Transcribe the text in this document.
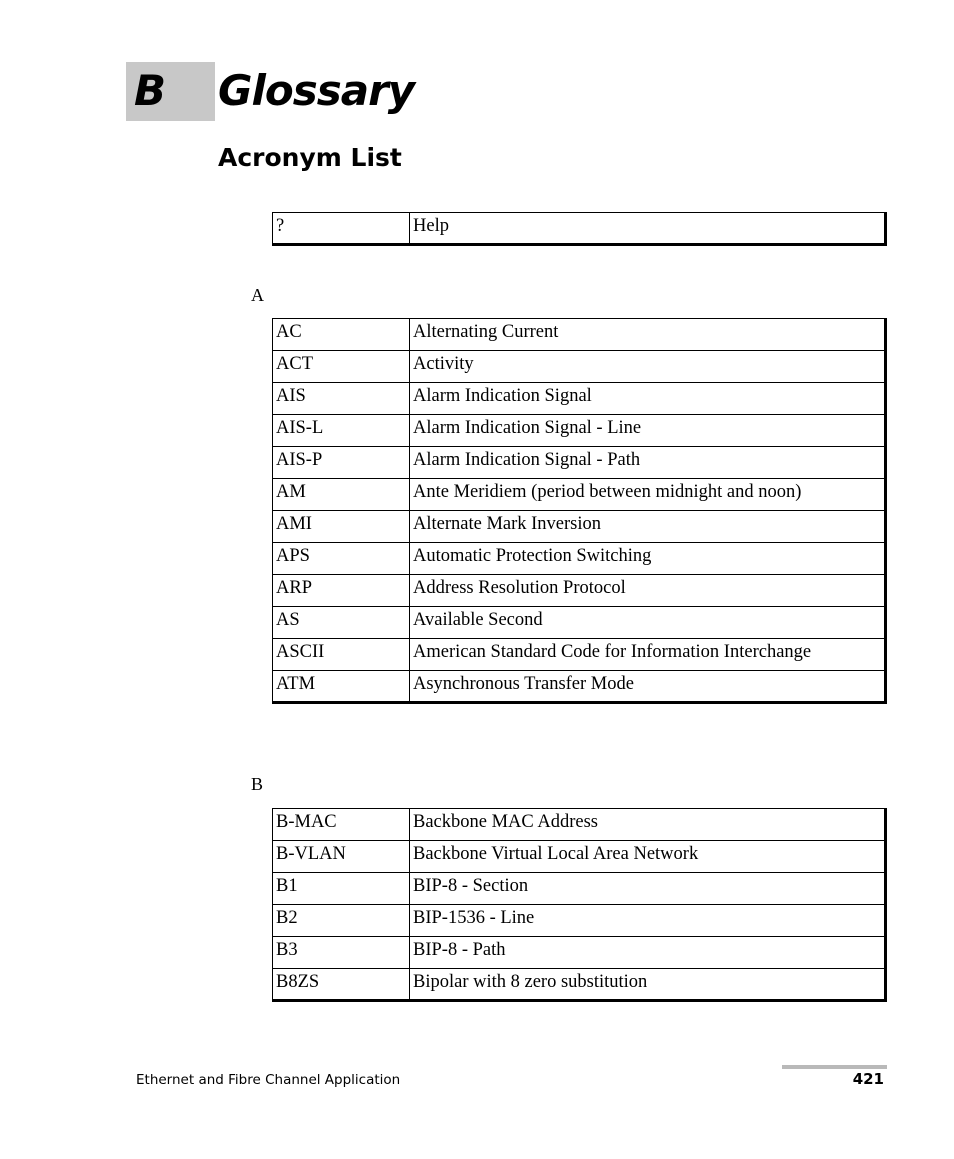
B Glossary
Acronym List
?	Help
A
AC	Alternating Current
ACT	Activity
AIS	Alarm Indication Signal
AIS-L	Alarm Indication Signal - Line
AIS-P	Alarm Indication Signal - Path
AM	Ante Meridiem (period between midnight and noon)
AMI	Alternate Mark Inversion
APS	Automatic Protection Switching
ARP	Address Resolution Protocol
AS	Available Second
ASCII	American Standard Code for Information Interchange
ATM	Asynchronous Transfer Mode
B
B-MAC	Backbone MAC Address
B-VLAN	Backbone Virtual Local Area Network
B1	BIP-8 - Section
B2	BIP-1536 - Line
B3	BIP-8 - Path
B8ZS	Bipolar with 8 zero substitution
Ethernet and Fibre Channel Application	421
